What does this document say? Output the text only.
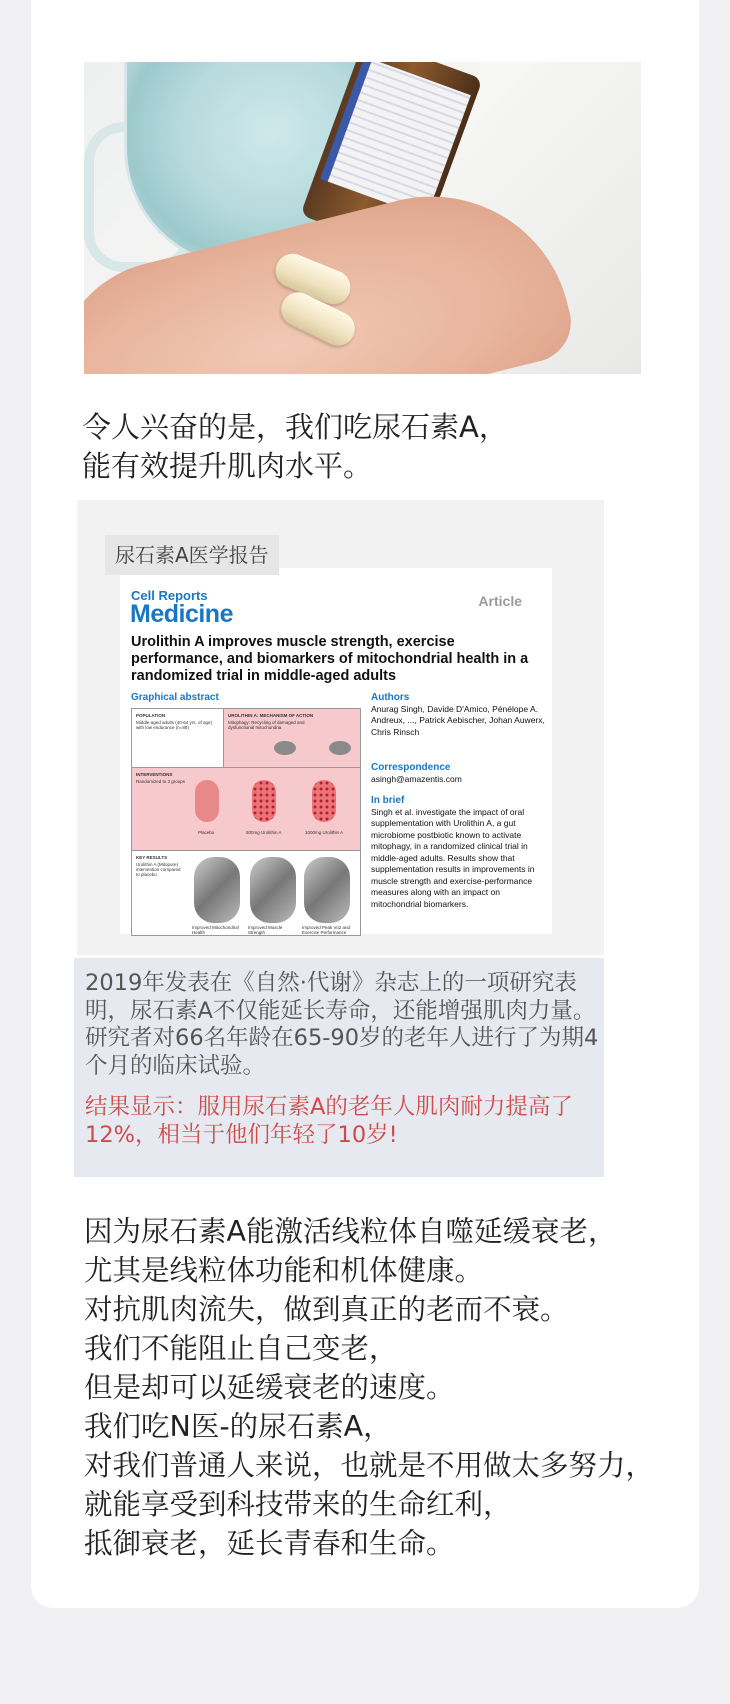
令人兴奋的是，我们吃尿石素A，
能有效提升肌肉水平。
Cell Reports
Medicine	Article
Urolithin A improves muscle strength, exercise performance, and biomarkers of mitochondrial health in a randomized trial in middle-aged adults
Graphical abstract
POPULATION
Middle-aged adults (40-64 yrs. of age) with low endurance (n=88)
UROLITHIN A: MECHANISM OF ACTION
Mitophagy: Recycling of damaged and dysfunctional mitochondria
INTERVENTIONS
Randomized to 3 groups
Placebo	500mg Urolithin A	1000mg Urolithin A
KEY RESULTS
Urolithin A (Mitopure) intervention compared to placebo
Improved Mitochondrial Health
Improved Muscle Strength
Improved Peak Vo2 and Exercise Performance
Authors
Anurag Singh, Davide D'Amico, Pénélope A. Andreux, ..., Patrick Aebischer, Johan Auwerx, Chris Rinsch
Correspondence
asingh@amazentis.com
In brief
Singh et al. investigate the impact of oral supplementation with Urolithin A, a gut microbiome postbiotic known to activate mitophagy, in a randomized clinical trial in middle-aged adults. Results show that supplementation results in improvements in muscle strength and exercise-performance measures along with an impact on mitochondrial biomarkers.
尿石素A医学报告
2019年发表在《自然·代谢》杂志上的一项研究表明，尿石素A不仅能延长寿命，还能增强肌肉力量。研究者对66名年龄在65-90岁的老年人进行了为期4个月的临床试验。
结果显示：服用尿石素A的老年人肌肉耐力提高了12%，相当于他们年轻了10岁!
因为尿石素A能激活线粒体自噬延缓衰老，
尤其是线粒体功能和机体健康。
对抗肌肉流失，做到真正的老而不衰。
我们不能阻止自己变老，
但是却可以延缓衰老的速度。
我们吃N医-的尿石素A，
对我们普通人来说，也就是不用做太多努力，
就能享受到科技带来的生命红利，
抵御衰老，延长青春和生命。
